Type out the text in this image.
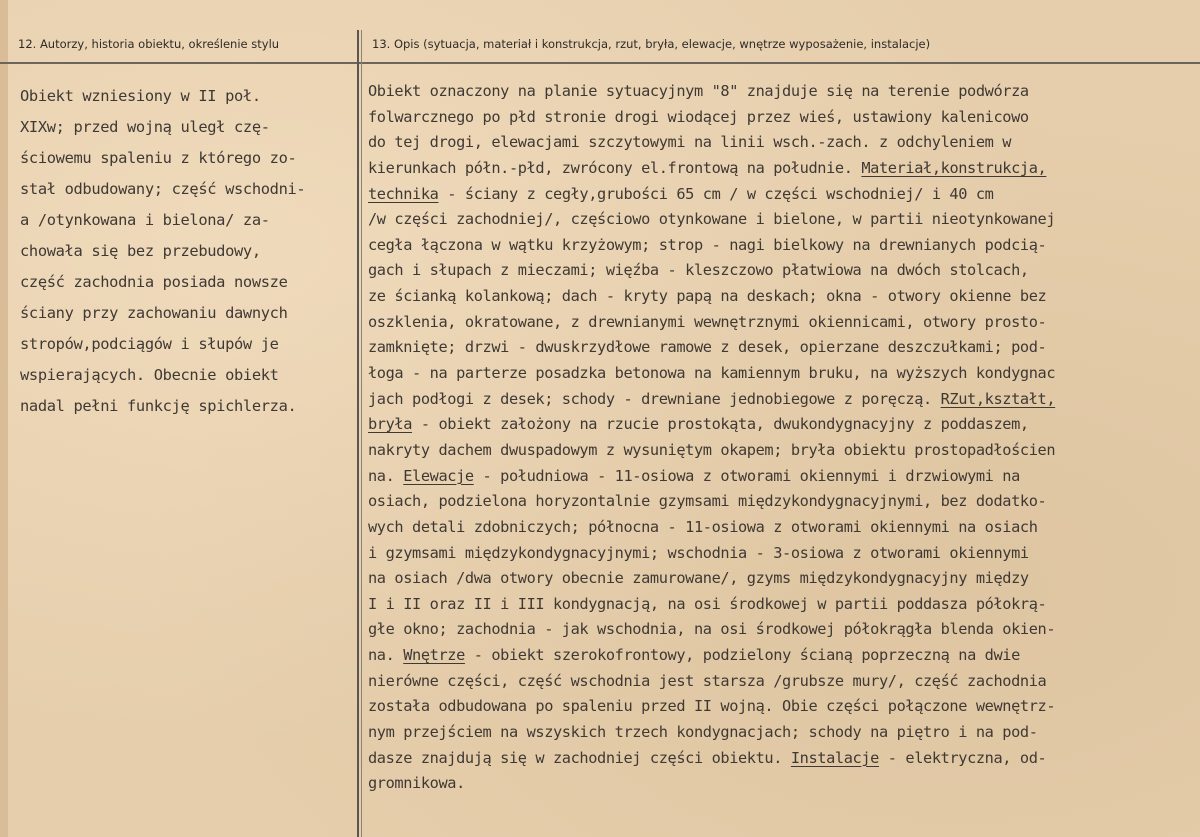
12. Autorzy, historia obiektu, określenie stylu	13. Opis (sytuacja, materiał i konstrukcja, rzut, bryła, elewacje, wnętrze wyposażenie, instalacje)
Obiekt wzniesiony w II poł.
XIXw; przed wojną uległ czę-
ściowemu spaleniu z którego zo-
stał odbudowany; część wschodni-
a /otynkowana i bielona/ za-
chowała się bez przebudowy,
część zachodnia posiada nowsze
ściany przy zachowaniu dawnych
stropów,podciągów i słupów je
wspierających. Obecnie obiekt
nadal pełni funkcję spichlerza.
Obiekt oznaczony na planie sytuacyjnym "8" znajduje się na terenie podwórza
folwarcznego po płd stronie drogi wiodącej przez wieś, ustawiony kalenicowo
do tej drogi, elewacjami szczytowymi na linii wsch.-zach. z odchyleniem w
kierunkach półn.-płd, zwrócony el.frontową na południe. Materiał,konstrukcja,
technika - ściany z cegły,grubości 65 cm / w części wschodniej/ i 40 cm
/w części zachodniej/, częściowo otynkowane i bielone, w partii nieotynkowanej
cegła łączona w wątku krzyżowym; strop - nagi bielkowy na drewnianych podcią-
gach i słupach z mieczami; więźba - kleszczowo płatwiowa na dwóch stolcach,
ze ścianką kolankową; dach - kryty papą na deskach; okna - otwory okienne bez
oszklenia, okratowane, z drewnianymi wewnętrznymi okiennicami, otwory prosto-
zamknięte; drzwi - dwuskrzydłowe ramowe z desek, opierzane deszczułkami; pod-
łoga - na parterze posadzka betonowa na kamiennym bruku, na wyższych kondygnac
jach podłogi z desek; schody - drewniane jednobiegowe z poręczą. RZut,kształt,
bryła - obiekt założony na rzucie prostokąta, dwukondygnacyjny z poddaszem,
nakryty dachem dwuspadowym z wysuniętym okapem; bryła obiektu prostopadłościen
na. Elewacje - południowa - 11-osiowa z otworami okiennymi i drzwiowymi na
osiach, podzielona horyzontalnie gzymsami międzykondygnacyjnymi, bez dodatko-
wych detali zdobniczych; północna - 11-osiowa z otworami okiennymi na osiach
i gzymsami międzykondygnacyjnymi; wschodnia - 3-osiowa z otworami okiennymi
na osiach /dwa otwory obecnie zamurowane/, gzyms międzykondygnacyjny między
I i II oraz II i III kondygnacją, na osi środkowej w partii poddasza półokrą-
głe okno; zachodnia - jak wschodnia, na osi środkowej półokrągła blenda okien-
na. Wnętrze - obiekt szerokofrontowy, podzielony ścianą poprzeczną na dwie
nierówne części, część wschodnia jest starsza /grubsze mury/, część zachodnia
została odbudowana po spaleniu przed II wojną. Obie części połączone wewnętrz-
nym przejściem na wszyskich trzech kondygnacjach; schody na piętro i na pod-
dasze znajdują się w zachodniej części obiektu. Instalacje - elektryczna, od-
gromnikowa.
